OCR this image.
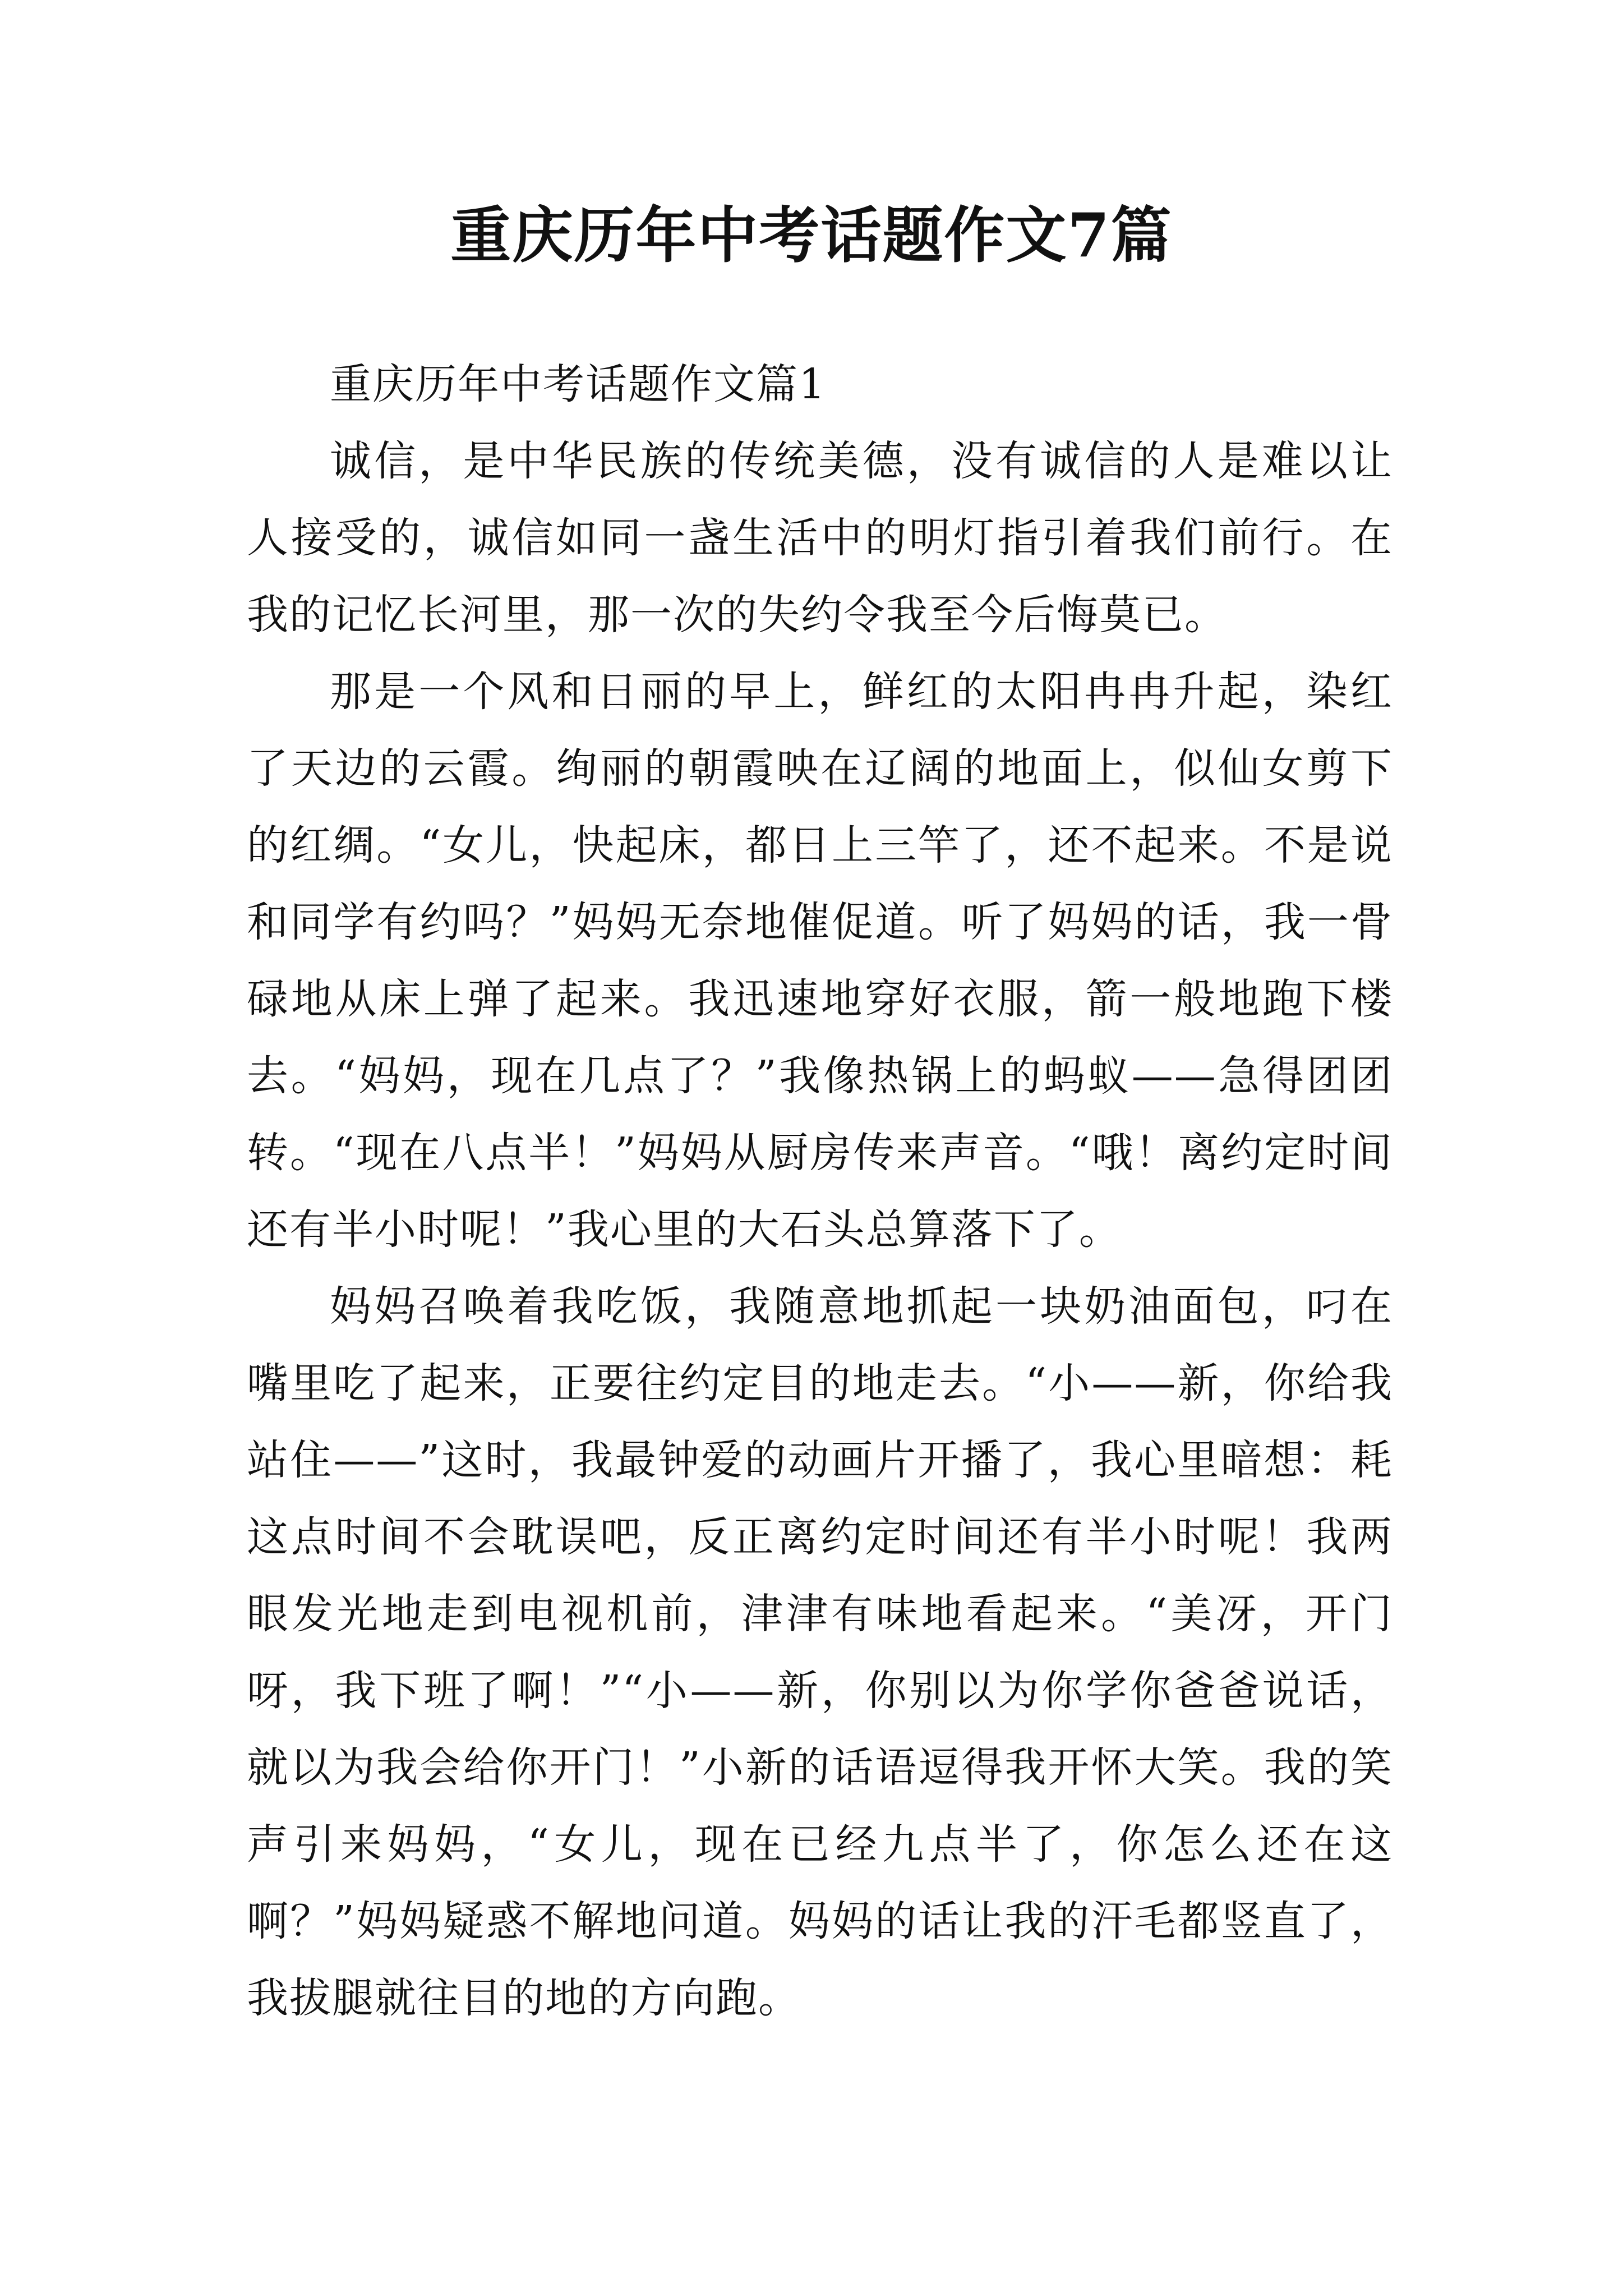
重庆历年中考话题作文7篇

重庆历年中考话题作文篇1

诚信，是中华民族的传统美德，没有诚信的人是难以让人接受的，诚信如同一盏生活中的明灯指引着我们前行。在我的记忆长河里，那一次的失约令我至今后悔莫已。

那是一个风和日丽的早上，鲜红的太阳冉冉升起，染红了天边的云霞。绚丽的朝霞映在辽阔的地面上，似仙女剪下的红绸。“女儿，快起床，都日上三竿了，还不起来。不是说和同学有约吗？”妈妈无奈地催促道。听了妈妈的话，我一骨碌地从床上弹了起来。我迅速地穿好衣服，箭一般地跑下楼去。“妈妈，现在几点了？”我像热锅上的蚂蚁——急得团团转。“现在八点半！”妈妈从厨房传来声音。“哦！离约定时间还有半小时呢！”我心里的大石头总算落下了。

妈妈召唤着我吃饭，我随意地抓起一块奶油面包，叼在嘴里吃了起来，正要往约定目的地走去。“小——新，你给我站住——”这时，我最钟爱的动画片开播了，我心里暗想：耗这点时间不会耽误吧，反正离约定时间还有半小时呢！我两眼发光地走到电视机前，津津有味地看起来。“美冴，开门呀，我下班了啊！”“小——新，你别以为你学你爸爸说话，就以为我会给你开门！”小新的话语逗得我开怀大笑。我的笑声引来妈妈，“女儿，现在已经九点半了，你怎么还在这啊？”妈妈疑惑不解地问道。妈妈的话让我的汗毛都竖直了，我拔腿就往目的地的方向跑。
